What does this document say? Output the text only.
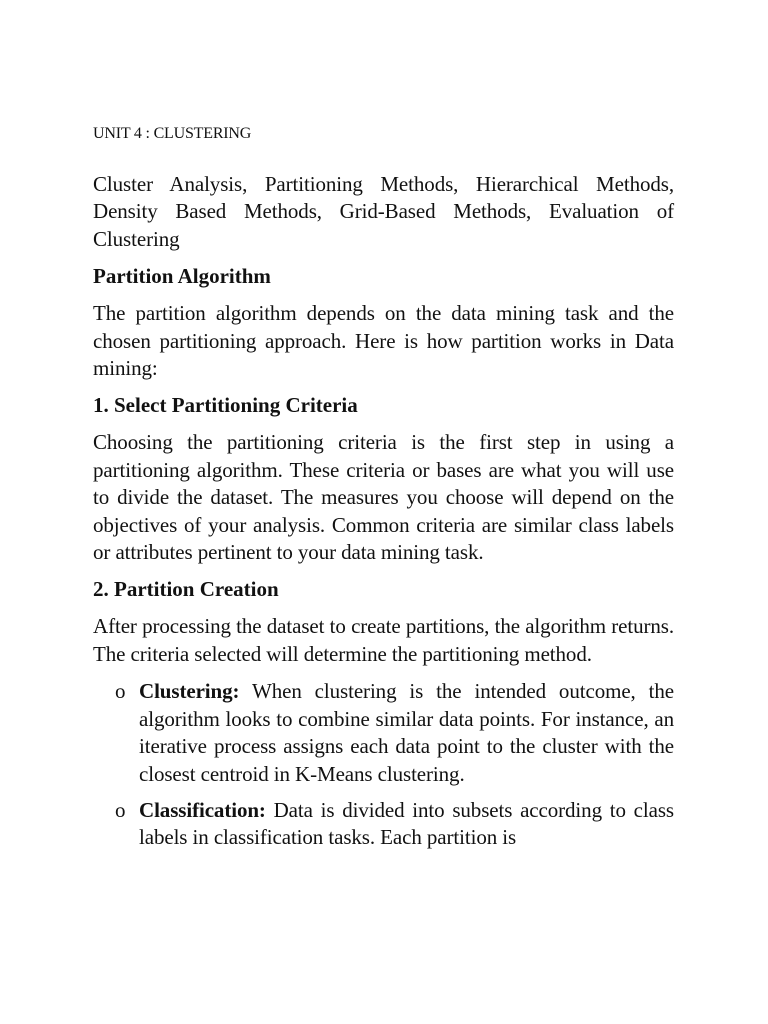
UNIT 4 : CLUSTERING

Cluster Analysis, Partitioning Methods, Hierarchical Methods, Density Based Methods, Grid-Based Methods, Evaluation of Clustering

Partition Algorithm

The partition algorithm depends on the data mining task and the chosen partitioning approach. Here is how partition works in Data mining:

1. Select Partitioning Criteria

Choosing the partitioning criteria is the first step in using a partitioning algorithm. These criteria or bases are what you will use to divide the dataset. The measures you choose will depend on the objectives of your analysis. Common criteria are similar class labels or attributes pertinent to your data mining task.

2. Partition Creation

After processing the dataset to create partitions, the algorithm returns. The criteria selected will determine the partitioning method.

o Clustering: When clustering is the intended outcome, the algorithm looks to combine similar data points. For instance, an iterative process assigns each data point to the cluster with the closest centroid in K-Means clustering.

o Classification: Data is divided into subsets according to class labels in classification tasks. Each partition is
